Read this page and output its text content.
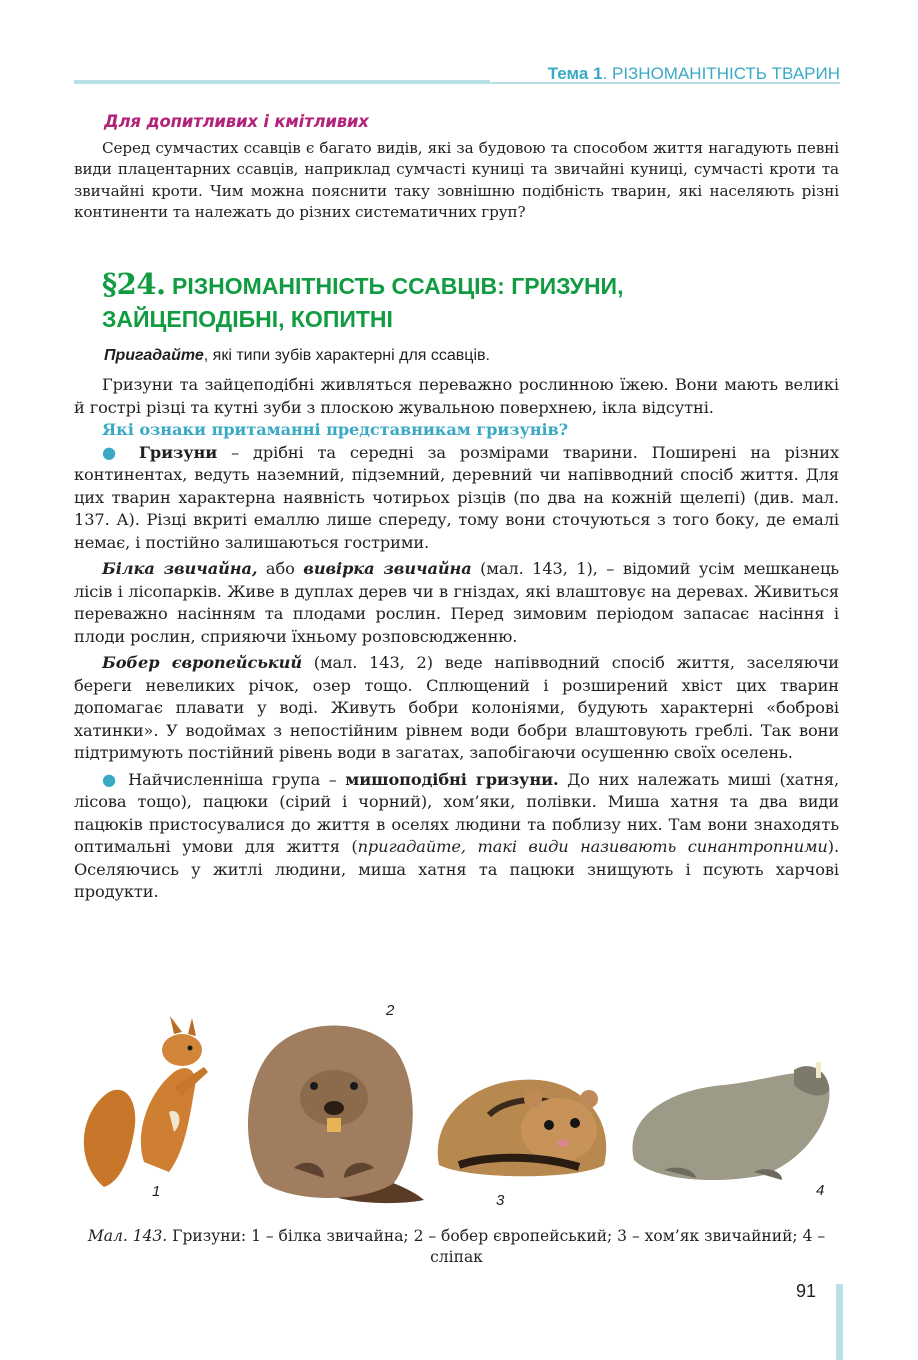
Тема 1. РІЗНОМАНІТНІСТЬ ТВАРИН
Для допитливих і кмітливих
Серед сумчастих ссавців є багато видів, які за будовою та способом життя нагадують певні види плацентарних ссавців, наприклад сумчасті куниці та звичайні куниці, сумчасті кроти та звичайні кроти. Чим можна пояснити таку зовнішню подібність тварин, які населяють різні континенти та належать до різних систематичних груп?
§24. РІЗНОМАНІТНІСТЬ ССАВЦІВ: ГРИЗУНИ,
ЗАЙЦЕПОДІБНІ, КОПИТНІ
Пригадайте, які типи зубів характерні для ссавців.
Гризуни та зайцеподібні живляться переважно рослинною їжею. Вони мають великі й гострі різці та кутні зуби з плоскою жувальною поверхнею, ікла відсутні.
Які ознаки притаманні представникам гризунів?
● Гризуни – дрібні та середні за розмірами тварини. Поширені на різних континентах, ведуть наземний, підземний, деревний чи напівводний спосіб життя. Для цих тварин характерна наявність чотирьох різців (по два на кожній щелепі) (див. мал. 137. А). Різці вкриті емаллю лише спереду, тому вони сточуються з того боку, де емалі немає, і постійно залишаються гострими.
Білка звичайна, або вивірка звичайна (мал. 143, 1), – відомий усім мешканець лісів і лісопарків. Живе в дуплах дерев чи в гніздах, які влаштовує на деревах. Живиться переважно насінням та плодами рослин. Перед зимовим періодом запасає насіння і плоди рослин, сприяючи їхньому розповсюдженню.
Бобер європейський (мал. 143, 2) веде напівводний спосіб життя, заселяючи береги невеликих річок, озер тощо. Сплющений і розширений хвіст цих тварин допомагає плавати у воді. Живуть бобри колоніями, будують характерні «боброві хатинки». У водоймах з непостійним рівнем води бобри влаштовують греблі. Так вони підтримують постійний рівень води в загатах, запобігаючи осушенню своїх оселень.
● Найчисленніша група – мишоподібні гризуни. До них належать миші (хатня, лісова тощо), пацюки (сірий і чорний), хом’яки, полівки. Миша хатня та два види пацюків пристосувалися до життя в оселях людини та поблизу них. Там вони знаходять оптимальні умови для життя (пригадайте, такі види називають синантропними). Оселяючись у житлі людини, миша хатня та пацюки знищують і псують харчові продукти.
1
2
3
4
Мал. 143. Гризуни: 1 – білка звичайна; 2 – бобер європейський; 3 – хом’як звичайний; 4 – сліпак
91
